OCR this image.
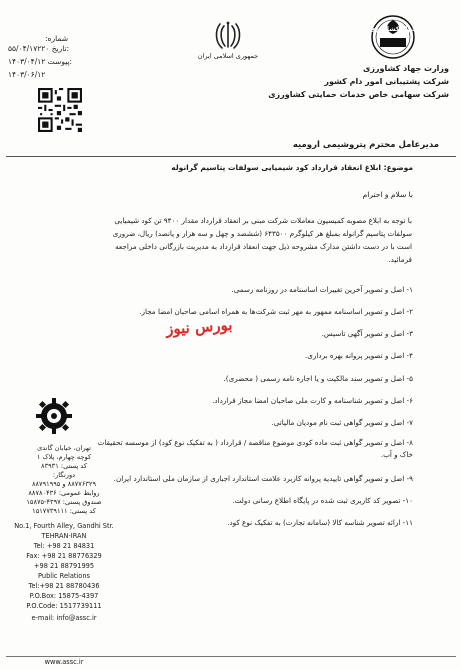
شماره:
۵۵/۰۴/۱۷۲۲۰ تاریخ:
۱۴۰۳/۰۴/۱۲ پیوست:
۱۴۰۳/۰۶/۱۲
جمهوری اسلامی ایران
جهاد کشاورزی
وزارت جهاد کشاورزی
شرکت پشتیبانی امور دام کشور
شرکت سهامی خاص خدمات حمایتی کشاورزی
مدیرعامل محترم پتروشیمی ارومیه
موضوع: ابلاغ انعقاد قرارداد کود شیمیایی سولفات پتاسیم گرانوله
با سلام و احترام
با توجه به ابلاغ مصوبه کمیسیون معاملات شرکت مبنی بر انعقاد قرارداد مقدار ۹۴۰۰ تن کود شیمیایی سولفات پتاسیم گرانوله بمبلغ هر کیلوگرم ۶۴۳۵۰۰ (ششصد و چهل و سه هزار و پانصد) ریال، ضروری است با در دست داشتن مدارک مشروحه ذیل جهت انعقاد قرارداد به مدیریت بازرگانی داخلی مراجعه فرمائید.
۱- اصل و تصویر آخرین تغییرات اساسنامه در روزنامه رسمی.
۲- اصل و تصویر اساسنامه ممهور به مهر ثبت شرکت‌ها به همراه اسامی صاحبان امضا مجاز.
۳- اصل و تصویر آگهی تاسیس.
۴- اصل و تصویر پروانه بهره برداری.
۵- اصل و تصویر سند مالکیت و یا اجاره نامه رسمی ( محضری).
۶- اصل و تصویر شناسنامه و کارت ملی صاحبان امضا مجاز قرارداد.
۷- اصل و تصویر گواهی ثبت نام مودیان مالیاتی.
۸- اصل و تصویر گواهی ثبت ماده کودی موضوع مناقصه / قرارداد ( به تفکیک نوع کود) از موسسه تحقیقات خاک و آب.
۹- اصل و تصویر گواهی تاییدیه پروانه کاربرد علامت استاندارد اجباری از سازمان ملی استاندارد ایران.
۱۰- تصویر کد کاربری ثبت شده در پایگاه اطلاع رسانی دولت.
۱۱- ارائه تصویر شناسه کالا (سامانه تجارت) به تفکیک نوع کود.
بورس نیوز
تهران، خیابان گاندی
کوچه چهارم، پلاک ۱
کد پستی: ۸۳۹۳۱
دورنگار:
۸۸۷۷۶۳۲۹ و ۸۸۷۹۱۹۹۵
روابط عمومی: ۸۸۷۸۰۴۳۶
صندوق پستی: ۴۳۹۷-۱۵۸۷۵
کد پستی: ۱۵۱۷۷۳۹۱۱۱
No.1, Fourth Alley, Gandhi Str.
TEHRAN-IRAN
Tel: +98 21 84831
Fax: +98 21 88776329
+98 21 88791995
Public Relations
Tel:+98 21 88780436
P.O.Box: 15875-4397
P.O.Code: 1517739111
e-mail: info@assc.ir
www.assc.ir
